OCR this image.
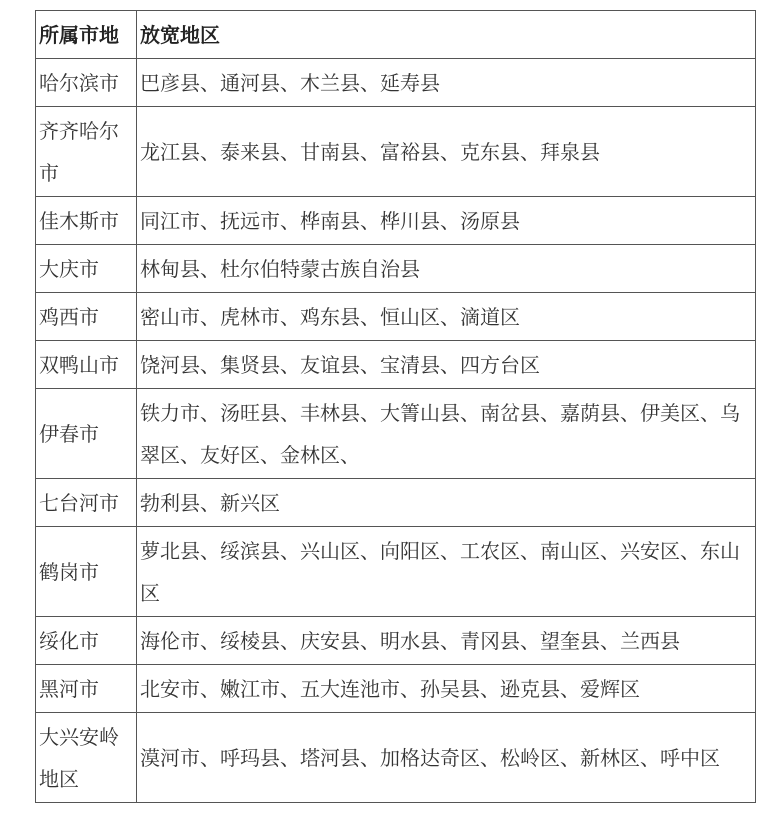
所属市地	放宽地区
哈尔滨市	巴彦县、通河县、木兰县、延寿县
齐齐哈尔市	龙江县、泰来县、甘南县、富裕县、克东县、拜泉县
佳木斯市	同江市、抚远市、桦南县、桦川县、汤原县
大庆市	林甸县、杜尔伯特蒙古族自治县
鸡西市	密山市、虎林市、鸡东县、恒山区、滴道区
双鸭山市	饶河县、集贤县、友谊县、宝清县、四方台区
伊春市	铁力市、汤旺县、丰林县、大箐山县、南岔县、嘉荫县、伊美区、乌翠区、友好区、金林区、
七台河市	勃利县、新兴区
鹤岗市	萝北县、绥滨县、兴山区、向阳区、工农区、南山区、兴安区、东山区
绥化市	海伦市、绥棱县、庆安县、明水县、青冈县、望奎县、兰西县
黑河市	北安市、嫩江市、五大连池市、孙吴县、逊克县、爱辉区
大兴安岭地区	漠河市、呼玛县、塔河县、加格达奇区、松岭区、新林区、呼中区
